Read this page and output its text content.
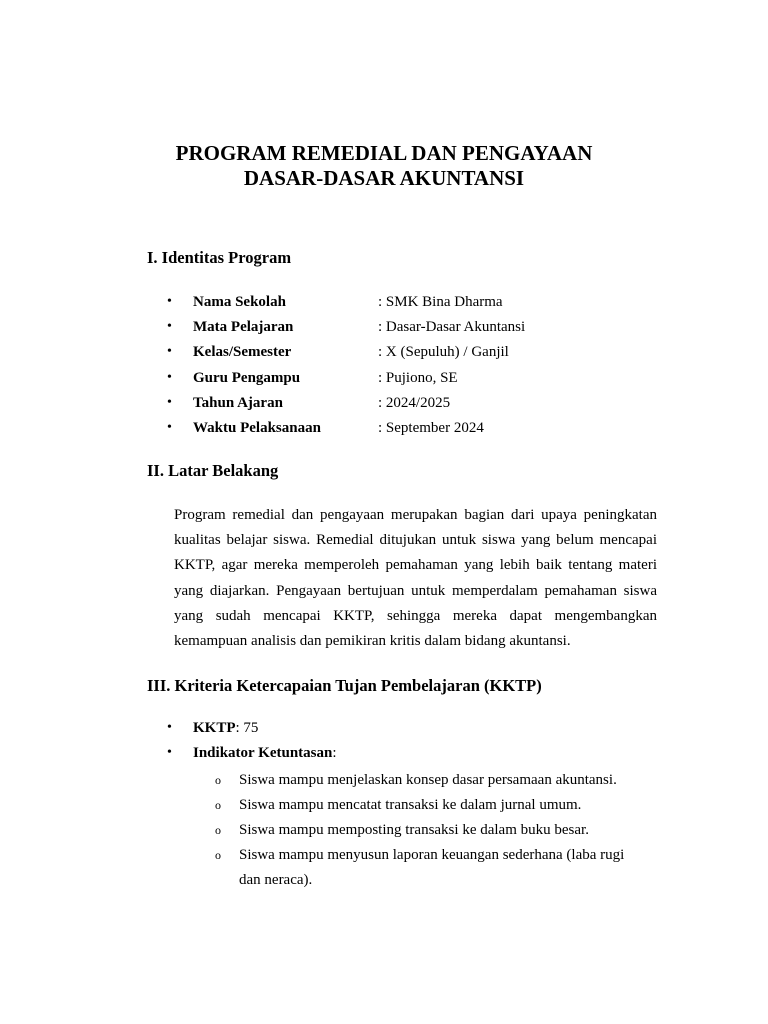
PROGRAM REMEDIAL DAN PENGAYAAN
DASAR-DASAR AKUNTANSI
I. Identitas Program
• Nama Sekolah	: SMK Bina Dharma
• Mata Pelajaran	: Dasar-Dasar Akuntansi
• Kelas/Semester	: X (Sepuluh) / Ganjil
• Guru Pengampu	: Pujiono, SE
• Tahun Ajaran	: 2024/2025
• Waktu Pelaksanaan	: September 2024
II. Latar Belakang

Program remedial dan pengayaan merupakan bagian dari upaya peningkatan kualitas belajar siswa. Remedial ditujukan untuk siswa yang belum mencapai KKTP, agar mereka memperoleh pemahaman yang lebih baik tentang materi yang diajarkan. Pengayaan bertujuan untuk memperdalam pemahaman siswa yang sudah mencapai KKTP, sehingga mereka dapat mengembangkan kemampuan analisis dan pemikiran kritis dalam bidang akuntansi.

III. Kriteria Ketercapaian Tujan Pembelajaran (KKTP)
• KKTP: 75
• Indikator Ketuntasan:
o Siswa mampu menjelaskan konsep dasar persamaan akuntansi.
o Siswa mampu mencatat transaksi ke dalam jurnal umum.
o Siswa mampu memposting transaksi ke dalam buku besar.
o Siswa mampu menyusun laporan keuangan sederhana (laba rugi dan neraca).
